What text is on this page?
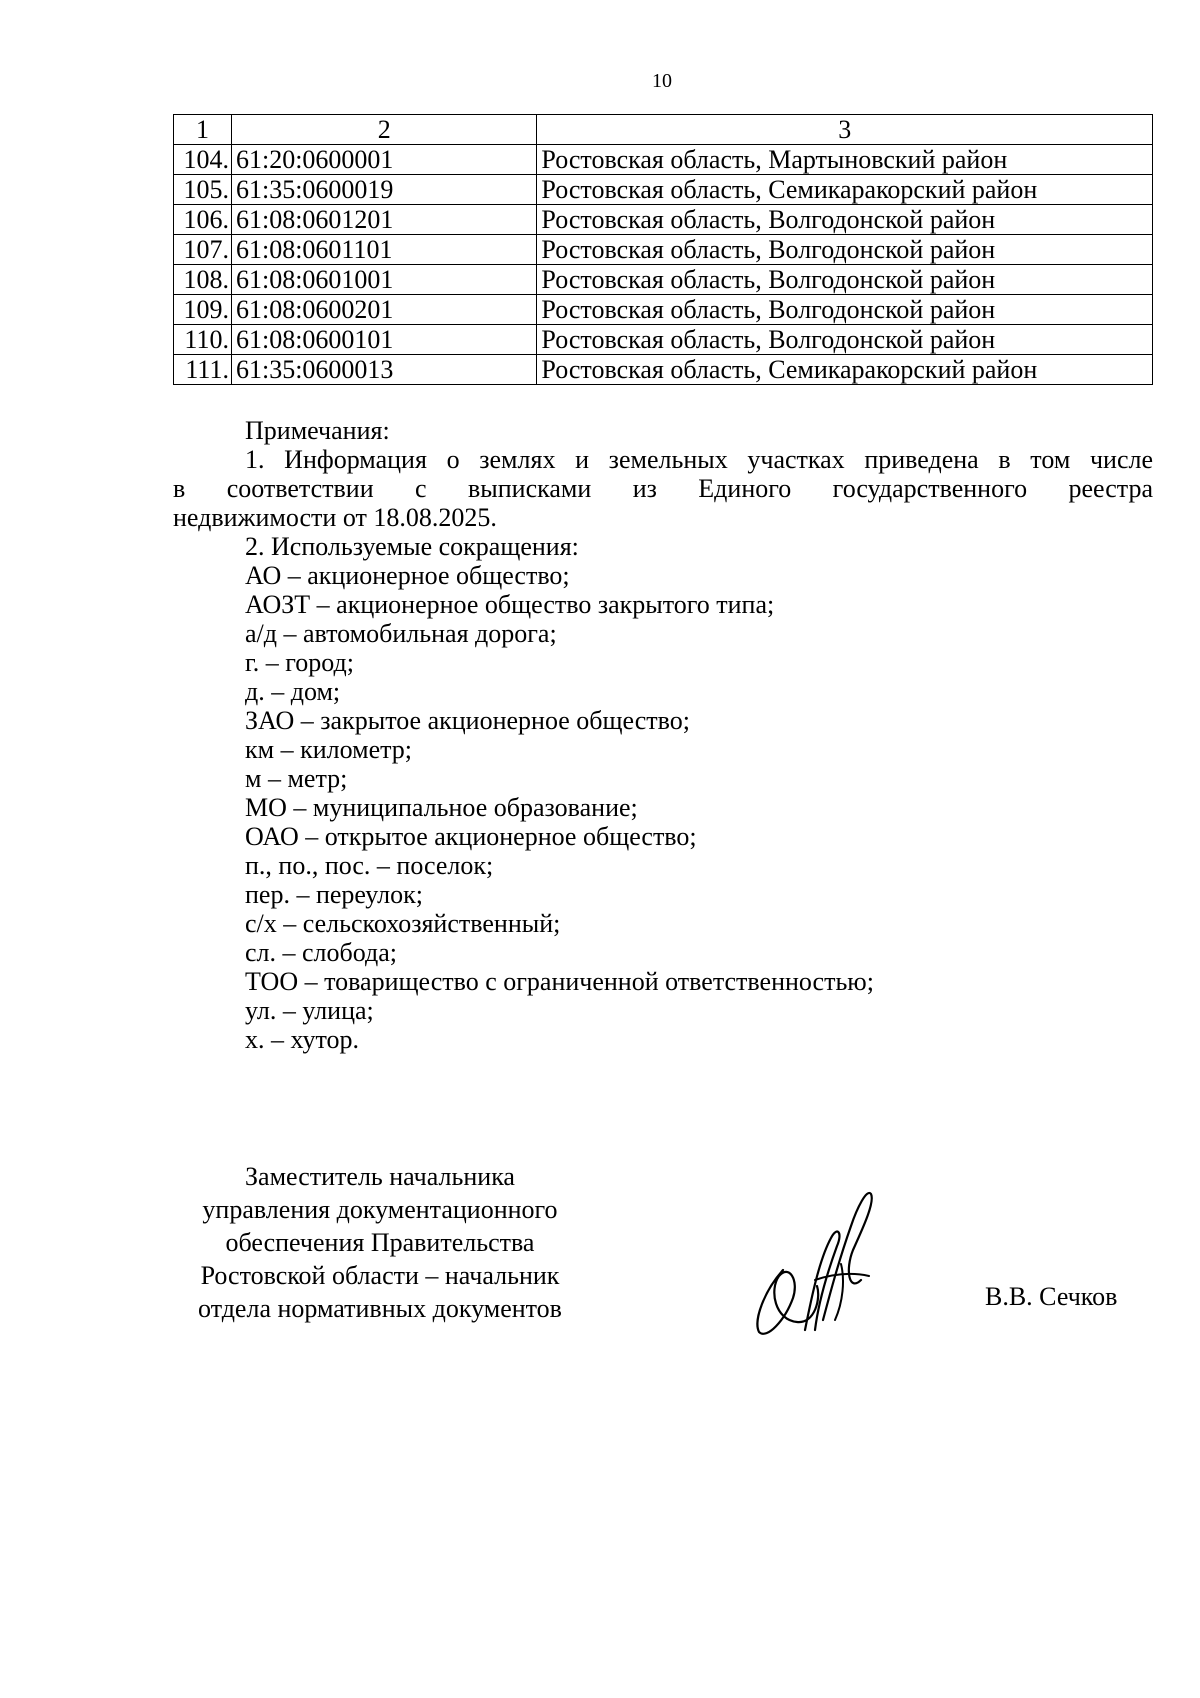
10
1	2	3
104.	61:20:0600001	Ростовская область, Мартыновский район
105.	61:35:0600019	Ростовская область, Семикаракорский район
106.	61:08:0601201	Ростовская область, Волгодонской район
107.	61:08:0601101	Ростовская область, Волгодонской район
108.	61:08:0601001	Ростовская область, Волгодонской район
109.	61:08:0600201	Ростовская область, Волгодонской район
110.	61:08:0600101	Ростовская область, Волгодонской район
111.	61:35:0600013	Ростовская область, Семикаракорский район

Примечания:

1. Информация о землях и земельных участках приведена в том числе

в соответствии с выписками из Единого государственного реестра

недвижимости от 18.08.2025.

2. Используемые сокращения:

АО – акционерное общество;

АОЗТ – акционерное общество закрытого типа;

а/д – автомобильная дорога;

г. – город;

д. – дом;

ЗАО – закрытое акционерное общество;

км – километр;

м – метр;

МО – муниципальное образование;

ОАО – открытое акционерное общество;

п., по., пос. – поселок;

пер. – переулок;

с/х – сельскохозяйственный;

сл. – слобода;

ТОО – товарищество с ограниченной ответственностью;

ул. – улица;

х. – хутор.

Заместитель начальника
управления документационного
обеспечения Правительства
Ростовской области – начальник
отдела нормативных документов	В.В. Сечков
